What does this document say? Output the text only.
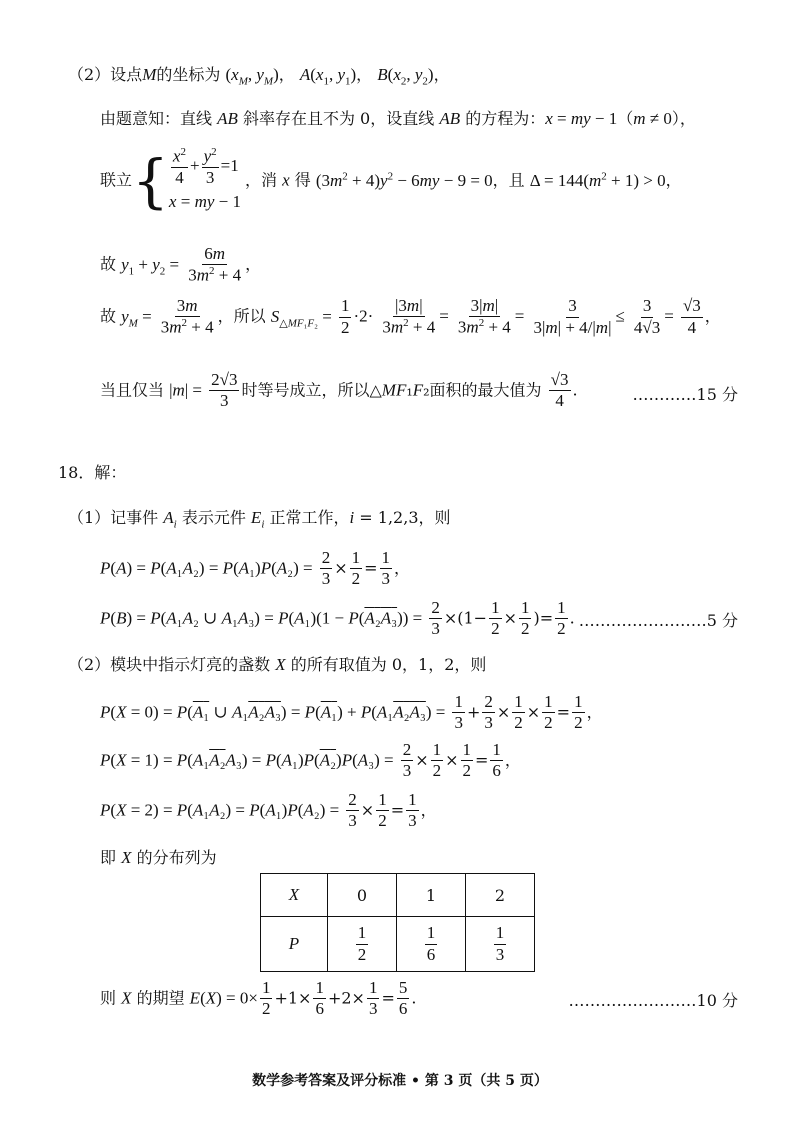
（2）设点M的坐标为 ($x_M$, $y_M$)， $A(x_1$, $y_1$)， $B(x_2$, $y_2$)，
由题意知：直线 AB 斜率存在且不为 0，设直线 AB 的方程为：x = my − 1（m ≠ 0），
联立{ $\frac{x^2}{4} + \frac{y^2}{3} =1$
x = my − 1
，消 x 得 $(3m^2 + 4)y^2 - 6my - 9 = 0$，且 $\Delta = 144(m^2 + 1) > 0$，
故 $y_1 + y_2 = \frac{6m}{3m^2 + 4}$ ，
故 $y_M = \frac{3m}{3m^2 + 4}$ ，所以 $S_{\triangle MF_1F_2} = \frac{1}{2} \cdot 2\cdot \frac{|3m|}{3m^2 + 4} = \frac{3|m|}{3m^2 + 4} = \frac{3}{3|m| + 4/|m|} \le \frac{3}{4√3} = \frac{√3}{4}$ ，
当且仅当 $|m| = \frac{2√3}{3}$ 时等号成立，所以△MF₁F₂面积的最大值为 $\frac{√3}{4}$ .	…………15 分
18．解：
（1）记事件 $A_i$ 表示元件 $E_i$ 正常工作，i = 1,2,3，则
$P(A) = P(A_1A_2) = P(A_1)P(A_2) = \frac{2}{3} \times \frac{1}{2} = \frac{1}{3}$ ，
P(B) = P(A₁A₂ ∪ $A_1A_3) = P(A_1)(1 - P(A_2A_3)) = \frac{2}{3} \times(1- \frac{1}{2} \times \frac{1}{2}$ )= $\frac{1}{2}$ . ……………………5 分
（2）模块中指示灯亮的盏数 X 的所有取值为 0，1，2，则
P(X = 0) = P(A₁ ∪ $A_1A_2A_3) = P(A_1) + P(A_1A_2A_3) = \frac{1}{3} + \frac{2}{3} \times \frac{1}{2} \times \frac{1}{2} = \frac{1}{2}$ ，
$P(X = 1) = P(A_1A_2A_3) = P(A_1)P(A_2)P(A_3) = \frac{2}{3} \times \frac{1}{2} \times \frac{1}{2} = \frac{1}{6}$ ，
$P(X = 2) = P(A_1A_2) = P(A_1)P(A_2) = \frac{2}{3} \times \frac{1}{2} = \frac{1}{3}$ ，
即 X 的分布列为
X	0	1	2
P	$\frac{1}{2}$	$\frac{1}{6}$	$\frac{1}{3}$
则 X 的期望 $E(X) = 0\times \frac{1}{2} +1\times \frac{1}{6} +2\times \frac{1}{3} = \frac{5}{6}$ .	……………………10 分
数学参考答案及评分标准 • 第 3 页（共 5 页）
